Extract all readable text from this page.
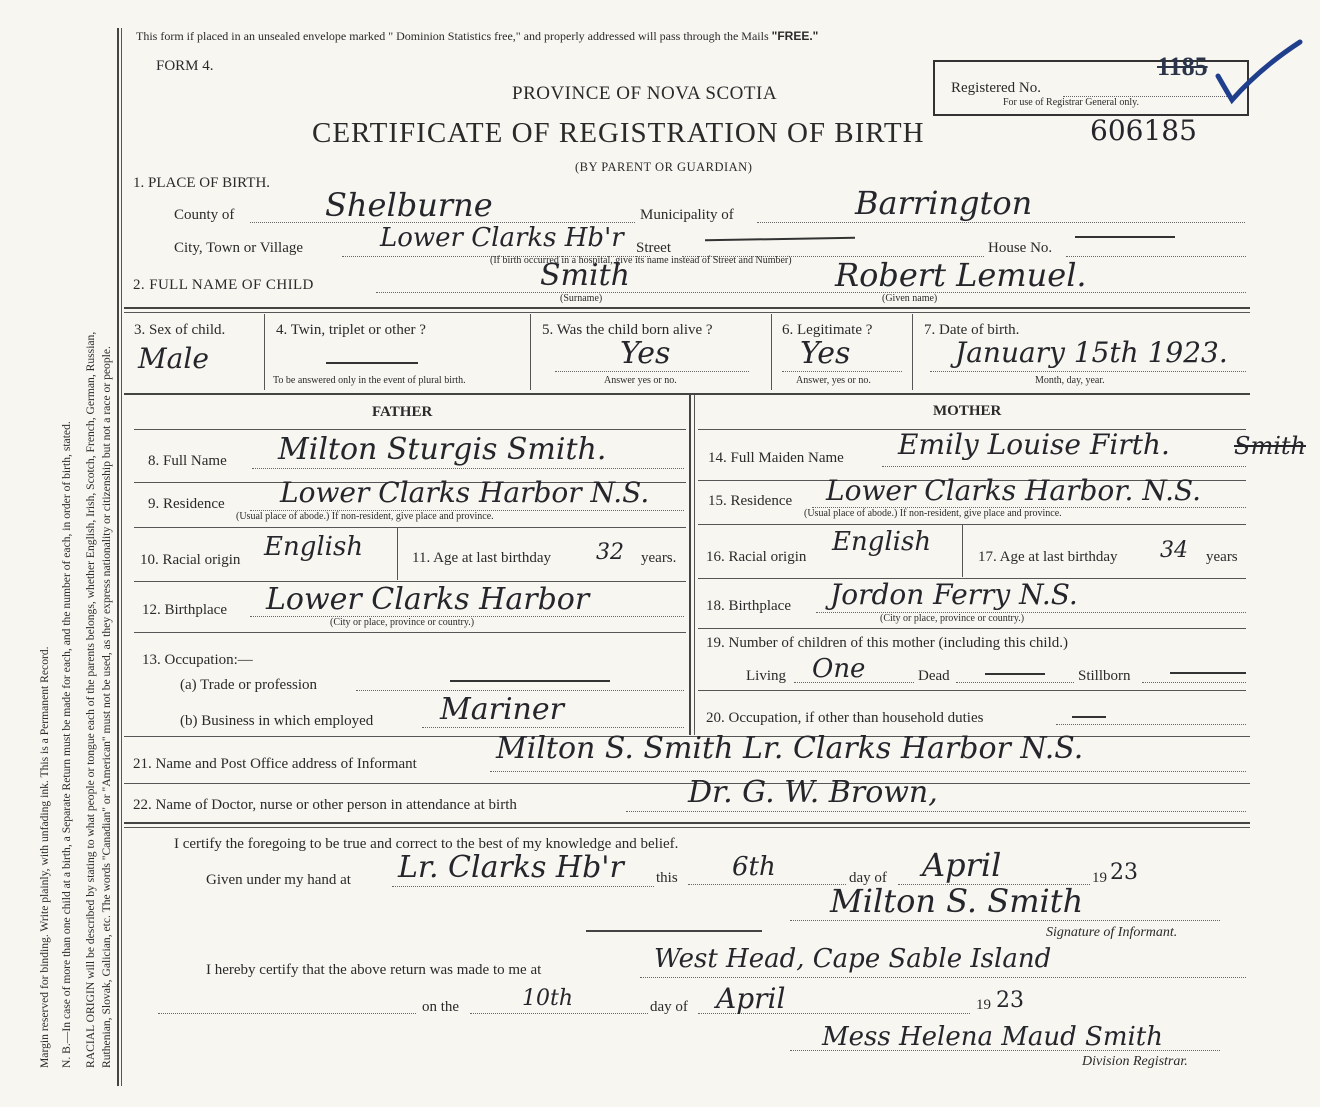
Margin reserved for binding. Write plainly, with unfading ink. This is a Permanent Record. N. B.—In case of more than one child at a birth, a Separate Return must be made for each, and the number of each, in order of birth, stated. RACIAL ORIGIN will be described by stating to what people or tongue each of the parents belongs, whether English, Irish, Scotch, French, German, Russian, Ruthenian, Slovak, Galician, etc. The words "Canadian" or "American" must not be used, as they express nationality or citizenship but not a race or people.
This form if placed in an unsealed envelope marked " Dominion Statistics free," and properly addressed will pass through the Mails "FREE."
FORM 4.
PROVINCE OF NOVA SCOTIA
CERTIFICATE OF REGISTRATION OF BIRTH
(BY PARENT OR GUARDIAN)
Registered No.
For use of Registrar General only.
1185
606185
1. PLACE OF BIRTH.
County of	Shelburne	Municipality of	Barrington
City, Town or Village	Lower Clarks Hb'r Street	House No.
(If birth occurred in a hospital, give its name instead of Street and Number)
2. FULL NAME OF CHILD	Smith
(Surname)
Robert Lemuel.
(Given name)
3. Sex of child.
Male
4. Twin, triplet or other ?
To be answered only in the event of plural birth.
5. Was the child born alive ?
Yes
Answer yes or no.
6. Legitimate ?
Yes
Answer, yes or no.
7. Date of birth.
January 15th 1923.
Month, day, year.
FATHER	MOTHER
8. Full Name Milton Sturgis Smith.
9. Residence Lower Clarks Harbor N.S.
(Usual place of abode.) If non-resident, give place and province.
10. Racial origin English	11. Age at last birthday 32 years.
12. Birthplace Lower Clarks Harbor
(City or place, province or country.)
13. Occupation:—
(a) Trade or profession
(b) Business in which employed Mariner
14. Full Maiden Name Emily Louise Firth.	Smith
15. Residence Lower Clarks Harbor. N.S.
(Usual place of abode.) If non-resident, give place and province.
16. Racial origin English	17. Age at last birthday 34 years
18. Birthplace Jordon Ferry N.S.
(City or place, province or country.)
19. Number of children of this mother (including this child.)
Living One	Dead	Stillborn
20. Occupation, if other than household duties
21. Name and Post Office address of Informant	Milton S. Smith Lr. Clarks Harbor N.S.
22. Name of Doctor, nurse or other person in attendance at birth	Dr. G. W. Brown,
I certify the foregoing to be true and correct to the best of my knowledge and belief.
Given under my hand at Lr. Clarks Hb'r this 6th	day of April	19 23
Milton S. Smith
Signature of Informant.
I hereby certify that the above return was made to me at	West Head, Cape Sable Island
on the	10th	day of April	19 23
Mess Helena Maud Smith
Division Registrar.
